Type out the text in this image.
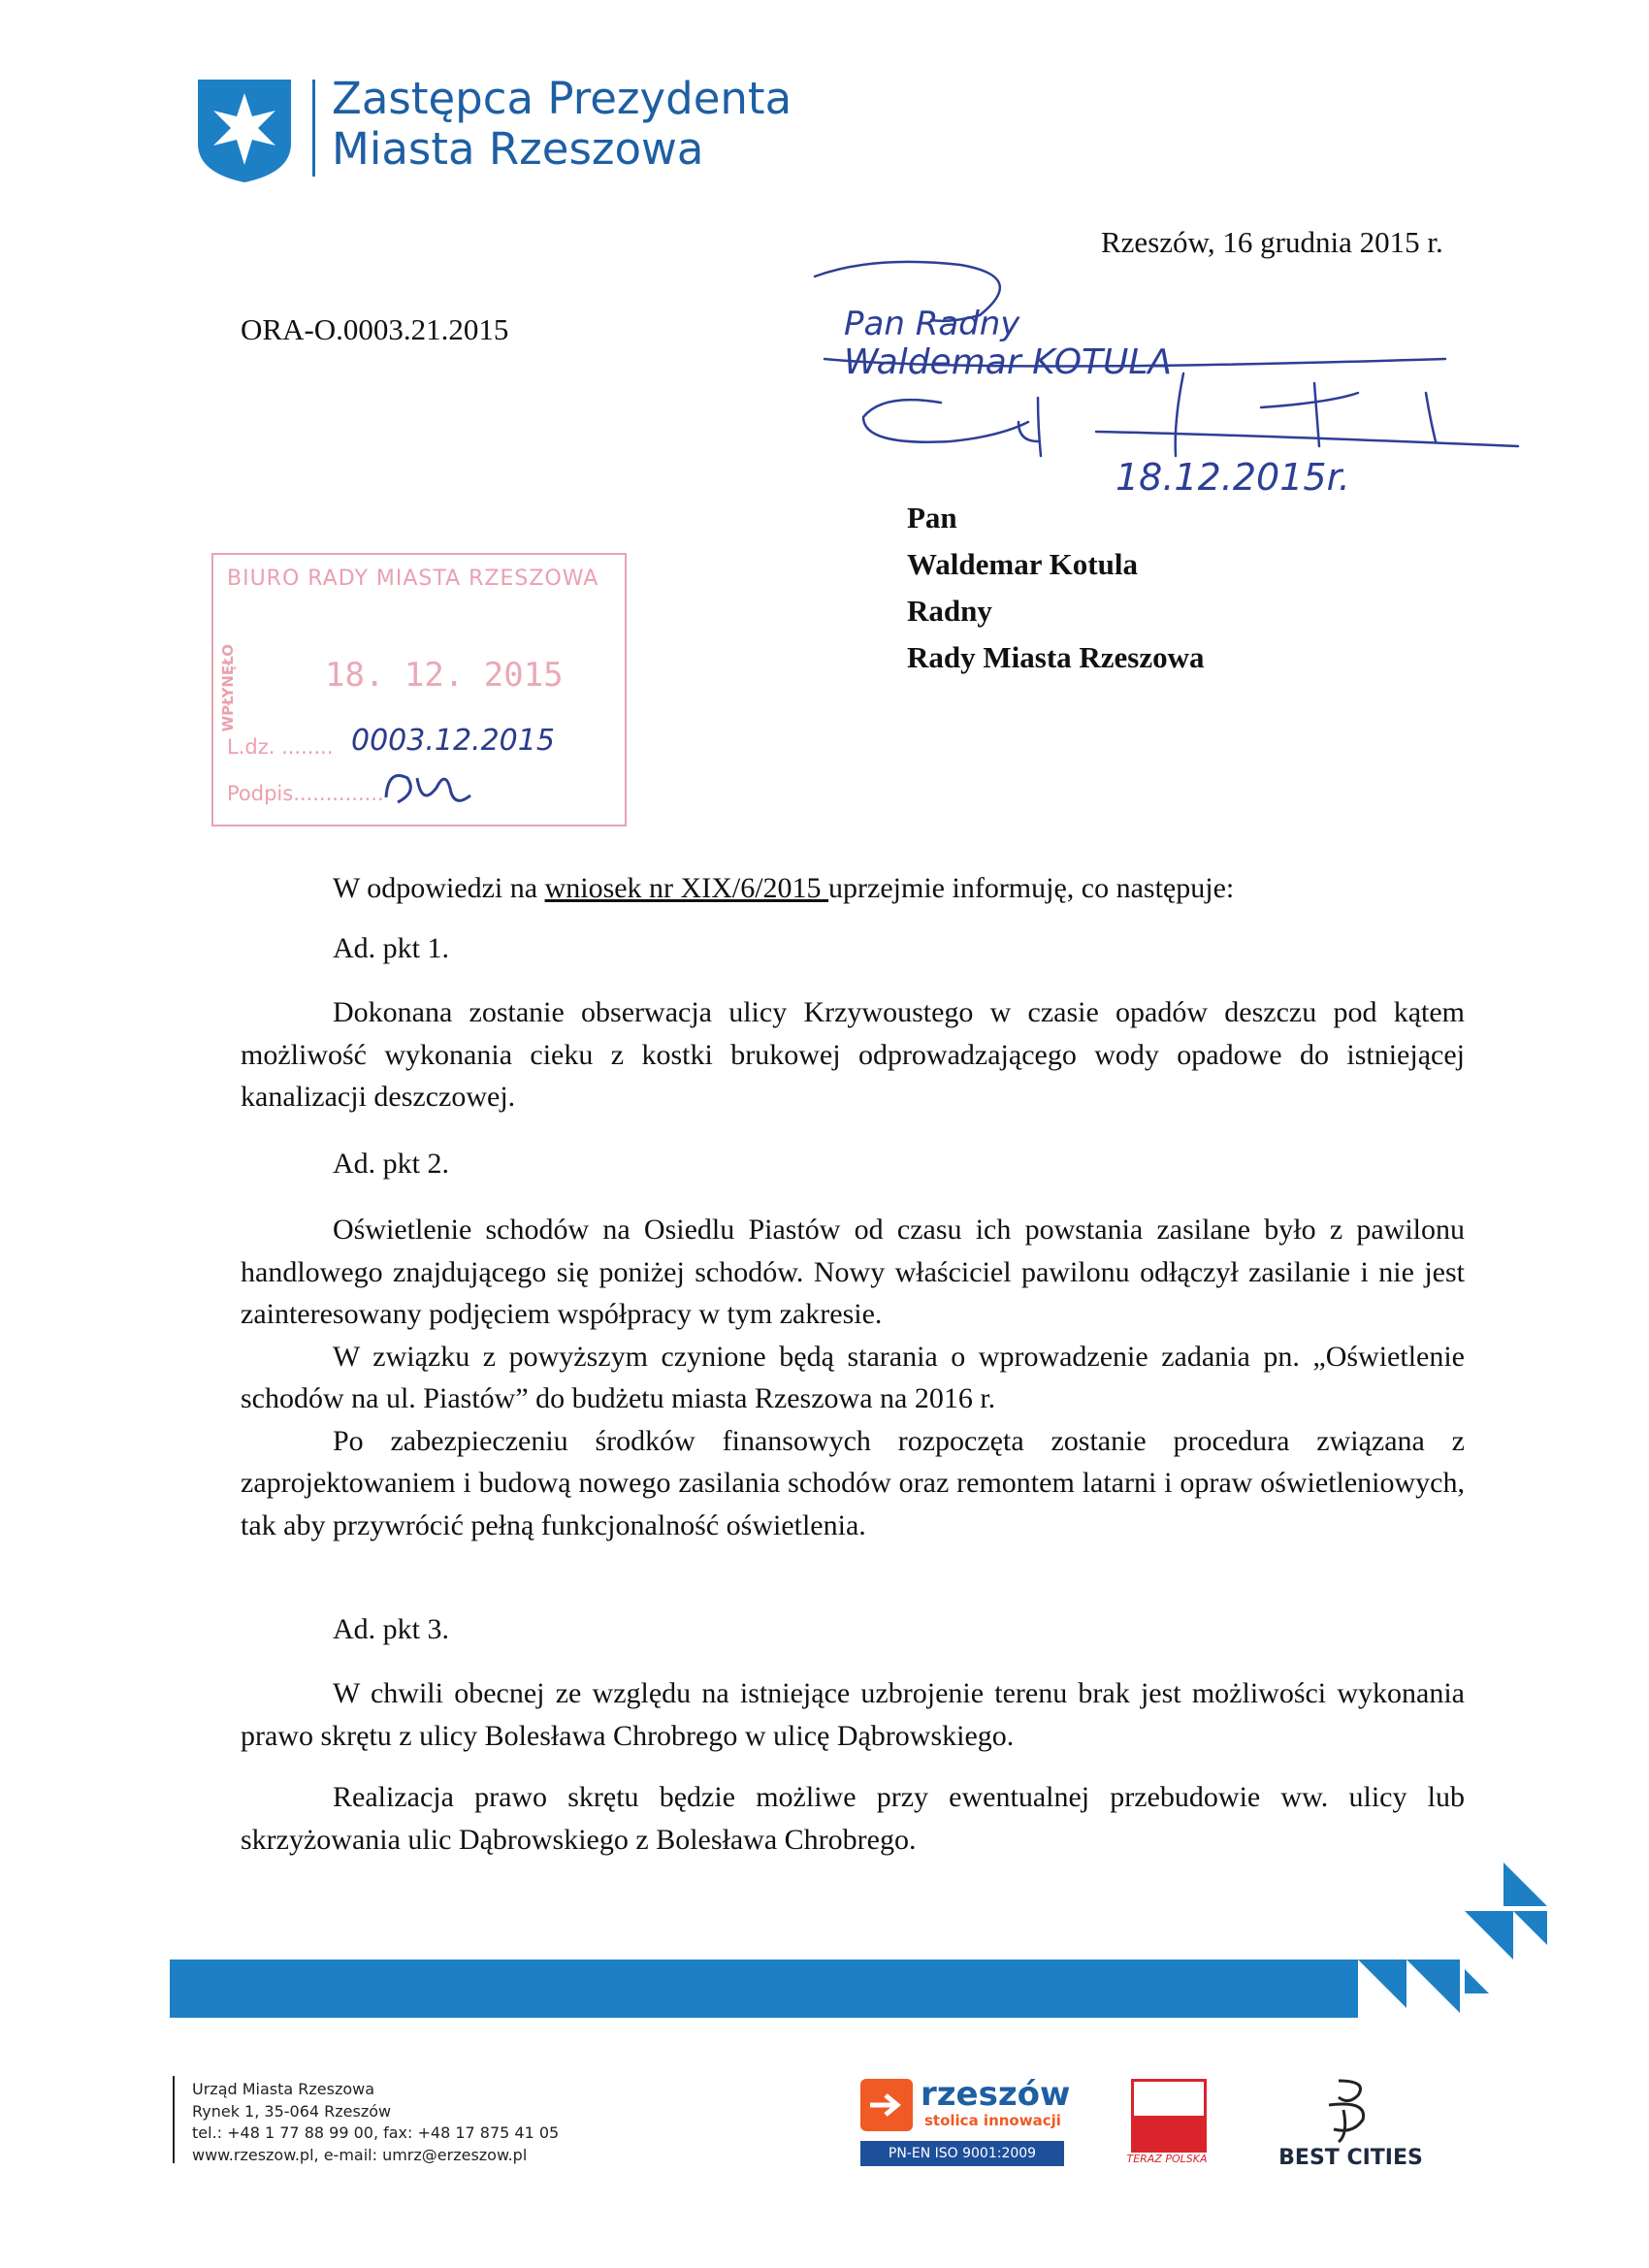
Zastępca Prezydenta
Miasta Rzeszowa
Rzeszów, 16 grudnia 2015 r.
ORA-O.0003.21.2015	Pan Radny
Waldemar KOTULA
18.12.2015r.
Pan
Waldemar Kotula
Radny
Rady Miasta Rzeszowa
BIURO RADY MIASTA RZESZOWA
WPŁYNĘŁO	18. 12. 2015
L.dz. ........ 0003.12.2015
Podpis..............

W odpowiedzi na wniosek nr XIX/6/2015 uprzejmie informuję, co następuje:

Ad. pkt 1.

Dokonana zostanie obserwacja ulicy Krzywoustego w czasie opadów deszczu pod kątem możliwość wykonania cieku z kostki brukowej odprowadzającego wody opadowe do istniejącej kanalizacji deszczowej.

Ad. pkt 2.

Oświetlenie schodów na Osiedlu Piastów od czasu ich powstania zasilane było z pawilonu handlowego znajdującego się poniżej schodów. Nowy właściciel pawilonu odłączył zasilanie i nie jest zainteresowany podjęciem współpracy w tym zakresie.

W związku z powyższym czynione będą starania o wprowadzenie zadania pn. „Oświetlenie schodów na ul. Piastów” do budżetu miasta Rzeszowa na 2016 r.

Po zabezpieczeniu środków finansowych rozpoczęta zostanie procedura związana z zaprojektowaniem i budową nowego zasilania schodów oraz remontem latarni i opraw oświetleniowych, tak aby przywrócić pełną funkcjonalność oświetlenia.

Ad. pkt 3.

W chwili obecnej ze względu na istniejące uzbrojenie terenu brak jest możliwości wykonania prawo skrętu z ulicy Bolesława Chrobrego w ulicę Dąbrowskiego.

Realizacja prawo skrętu będzie możliwe przy ewentualnej przebudowie ww. ulicy lub skrzyżowania ulic Dąbrowskiego z Bolesława Chrobrego.

Urząd Miasta Rzeszowa
Rynek 1, 35-064 Rzeszów
tel.: +48 1 77 88 99 00, fax: +48 17 875 41 05
www.rzeszow.pl, e-mail: umrz@erzeszow.pl
rzeszów
stolica innowacji
PN-EN ISO 9001:2009	TERAZ POLSKA	BEST CITIES
